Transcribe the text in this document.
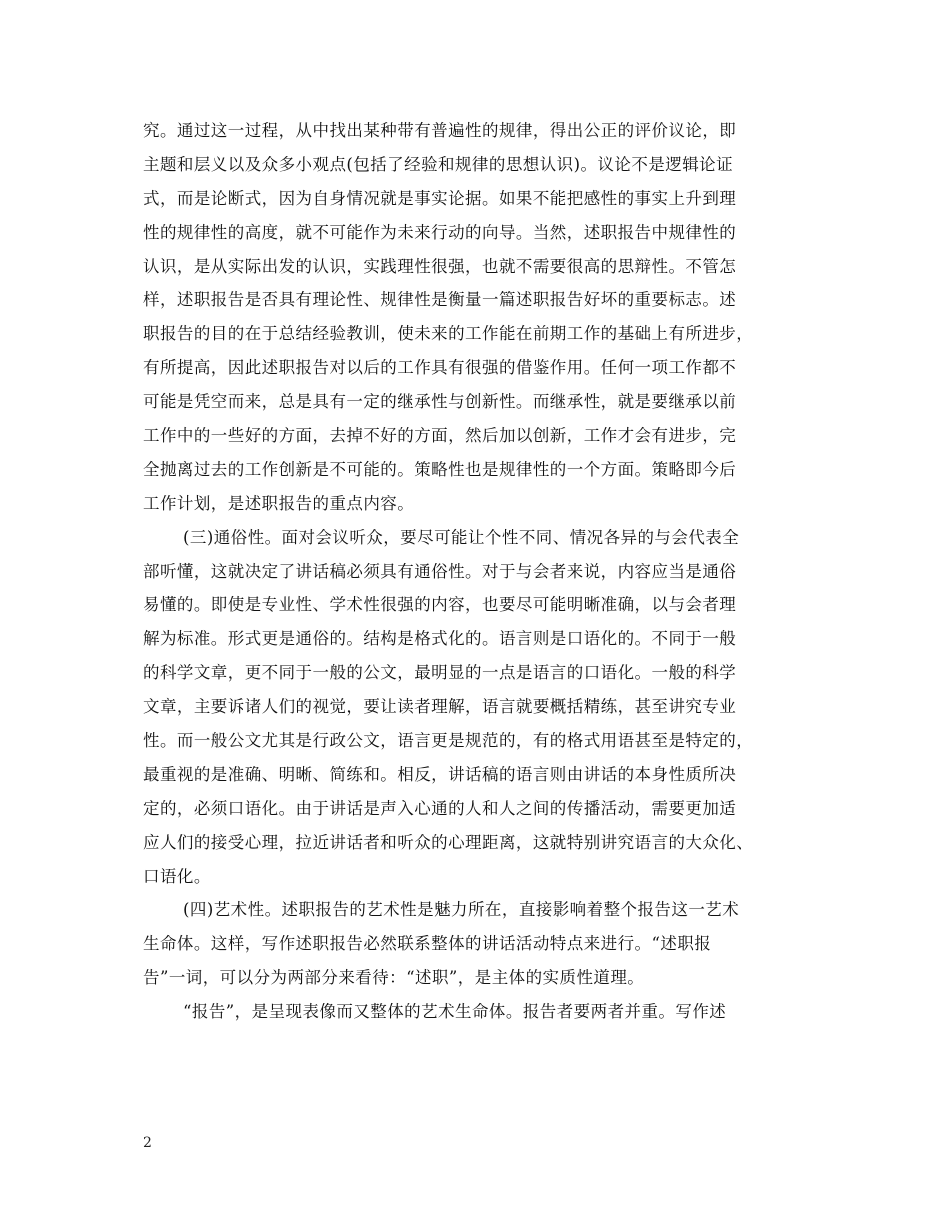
究。通过这一过程，从中找出某种带有普遍性的规律，得出公正的评价议论，即
主题和层义以及众多小观点(包括了经验和规律的思想认识)。议论不是逻辑论证
式，而是论断式，因为自身情况就是事实论据。如果不能把感性的事实上升到理
性的规律性的高度，就不可能作为未来行动的向导。当然，述职报告中规律性的
认识，是从实际出发的认识，实践理性很强，也就不需要很高的思辩性。不管怎
样，述职报告是否具有理论性、规律性是衡量一篇述职报告好坏的重要标志。述
职报告的目的在于总结经验教训，使未来的工作能在前期工作的基础上有所进步，
有所提高，因此述职报告对以后的工作具有很强的借鉴作用。任何一项工作都不
可能是凭空而来，总是具有一定的继承性与创新性。而继承性，就是要继承以前
工作中的一些好的方面，去掉不好的方面，然后加以创新，工作才会有进步，完
全抛离过去的工作创新是不可能的。策略性也是规律性的一个方面。策略即今后
工作计划，是述职报告的重点内容。
(三)通俗性。面对会议听众，要尽可能让个性不同、情况各异的与会代表全
部听懂，这就决定了讲话稿必须具有通俗性。对于与会者来说，内容应当是通俗
易懂的。即使是专业性、学术性很强的内容，也要尽可能明晰准确，以与会者理
解为标准。形式更是通俗的。结构是格式化的。语言则是口语化的。不同于一般
的科学文章，更不同于一般的公文，最明显的一点是语言的口语化。一般的科学
文章，主要诉诸人们的视觉，要让读者理解，语言就要概括精练，甚至讲究专业
性。而一般公文尤其是行政公文，语言更是规范的，有的格式用语甚至是特定的，
最重视的是准确、明晰、简练和。相反，讲话稿的语言则由讲话的本身性质所决
定的，必须口语化。由于讲话是声入心通的人和人之间的传播活动，需要更加适
应人们的接受心理，拉近讲话者和听众的心理距离，这就特别讲究语言的大众化、
口语化。
(四)艺术性。述职报告的艺术性是魅力所在，直接影响着整个报告这一艺术
生命体。这样，写作述职报告必然联系整体的讲话活动特点来进行。“述职报
告”一词，可以分为两部分来看待：“述职”，是主体的实质性道理。
“报告”，是呈现表像而又整体的艺术生命体。报告者要两者并重。写作述
2
